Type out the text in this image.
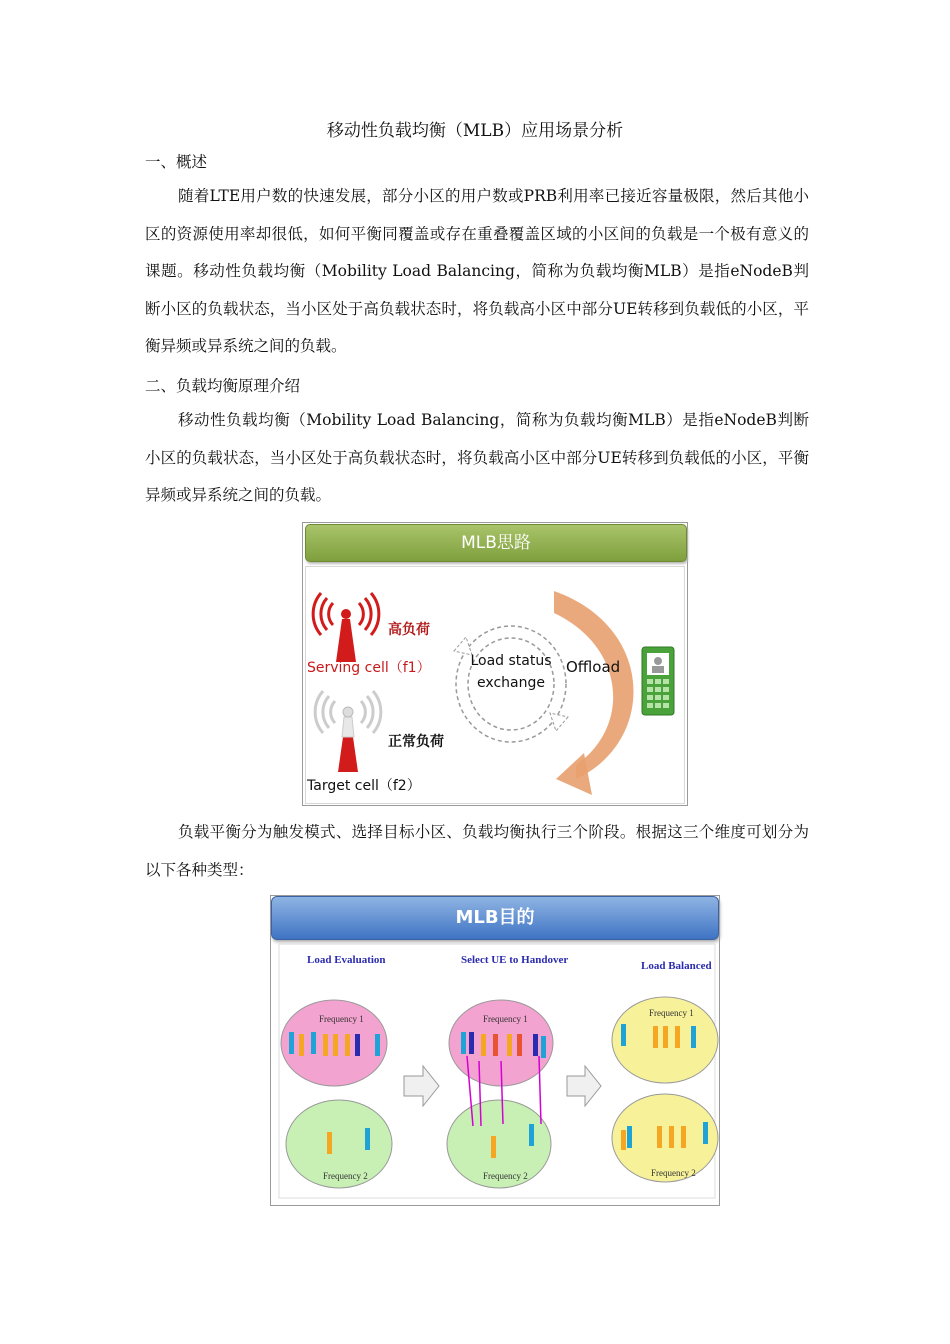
移动性负载均衡（MLB）应用场景分析
一、概述
随着LTE用户数的快速发展，部分小区的用户数或PRB利用率已接近容量极限，然后其他小区的资源使用率却很低，如何平衡同覆盖或存在重叠覆盖区域的小区间的负载是一个极有意义的课题。移动性负载均衡（Mobility Load Balancing，简称为负载均衡MLB）是指eNodeB判断小区的负载状态，当小区处于高负载状态时，将负载高小区中部分UE转移到负载低的小区，平衡异频或异系统之间的负载。
二、负载均衡原理介绍
移动性负载均衡（Mobility Load Balancing，简称为负载均衡MLB）是指eNodeB判断小区的负载状态，当小区处于高负载状态时，将负载高小区中部分UE转移到负载低的小区，平衡异频或异系统之间的负载。
MLB思路
高负荷
Serving cell（f1）	Load status
exchange
Offload
正常负荷
Target cell（f2）
负载平衡分为触发模式、选择目标小区、负载均衡执行三个阶段。根据这三个维度可划分为以下各种类型：
MLB目的
Load Evaluation	Select UE to Handover	Load Balanced
Frequency 1
Frequency 2
Frequency 1
Frequency 2
Frequency 1
Frequency 2
